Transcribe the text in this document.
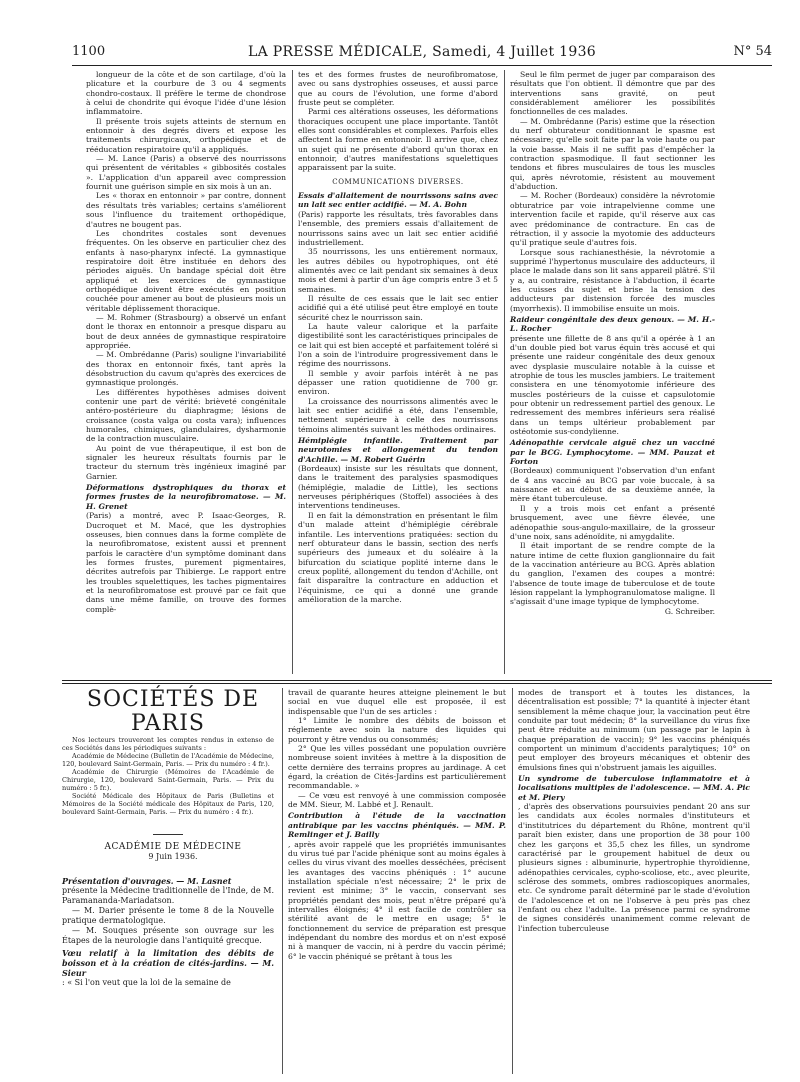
1100	LA PRESSE MÉDICALE, Samedi, 4 Juillet 1936	N° 54

longueur de la côte et de son cartilage, d'où la plicature et la courbure de 3 ou 4 segments chondro-costaux. Il préfère le terme de chondrose à celui de chondrite qui évoque l'idée d'une lésion inflammatoire.

Il présente trois sujets atteints de sternum en entonnoir à des degrés divers et expose les traitements chirurgicaux, orthopédique et de rééducation respiratoire qu'il a appliqués.

— M. Lance (Paris) a observé des nourrissons qui présentent de véritables « gibbosités costales ». L'application d'un appareil avec compression fournit une guérison simple en six mois à un an.

Les « thorax en entonnoir » par contre, donnent des résultats très variables; certains s'améliorent sous l'influence du traitement orthopédique, d'autres ne bougent pas.

Les chondrites costales sont devenues fréquentes. On les observe en particulier chez des enfants à naso-pharynx infecté. La gymnastique respiratoire doit être instituée en dehors des périodes aiguës. Un bandage spécial doit être appliqué et les exercices de gymnastique orthopédique doivent être exécutés en position couchée pour amener au bout de plusieurs mois un véritable déplissement thoracique.

— M. Rohmer (Strasbourg) a observé un enfant dont le thorax en entonnoir a presque disparu au bout de deux années de gymnastique respiratoire appropriée.

— M. Ombrédanne (Paris) souligne l'invariabilité des thorax en entonnoir fixés, tant après la désobstruction du cavum qu'après des exercices de gymnastique prolongés.

Les différentes hypothèses admises doivent contenir une part de vérité: brièveté congénitale antéro-postérieure du diaphragme; lésions de croissance (costa valga ou costa vara); influences humorales, chimiques, glandulaires, dysharmonie de la contraction musculaire.

Au point de vue thérapeutique, il est bon de signaler les heureux résultats fournis par le tracteur du sternum très ingénieux imaginé par Garnier.

Déformations dystrophiques du thorax et formes frustes de la neurofibromatose. — M. H. Grenet

(Paris) a montré, avec P. Isaac-Georges, R. Ducroquet et M. Macé, que les dystrophies osseuses, bien connues dans la forme complète de la neurofibromatose, existent aussi et prennent parfois le caractère d'un symptôme dominant dans les formes frustes, purement pigmentaires, décrites autrefois par Thibierge. Le rapport entre les troubles squelettiques, les taches pigmentaires et la neurofibromatose est prouvé par ce fait que dans une même famille, on trouve des formes complè-

tes et des formes frustes de neurofibromatose, avec ou sans dystrophies osseuses, et aussi parce que au cours de l'évolution, une forme d'abord fruste peut se compléter.

Parmi ces altérations osseuses, les déformations thoraciques occupent une place importante. Tantôt elles sont considérables et complexes. Parfois elles affectent la forme en entonnoir. Il arrive que, chez un sujet qui ne présente d'abord qu'un thorax en entonnoir, d'autres manifestations squelettiques apparaissent par la suite.

COMMUNICATIONS DIVERSES.

Essais d'allaitement de nourrissons sains avec un lait sec entier acidifié. — M. A. Bohn

(Paris) rapporte les résultats, très favorables dans l'ensemble, des premiers essais d'allaitement de nourrissons sains avec un lait sec entier acidifié industriellement.

35 nourrissons, les uns entièrement normaux, les autres débiles ou hypotrophiques, ont été alimentés avec ce lait pendant six semaines à deux mois et demi à partir d'un âge compris entre 3 et 5 semaines.

Il résulte de ces essais que le lait sec entier acidifié qui a été utilisé peut être employé en toute sécurité chez le nourrisson sain.

La haute valeur calorique et la parfaite digestibilité sont les caractéristiques principales de ce lait qui est bien accepté et parfaitement toléré si l'on a soin de l'introduire progressivement dans le régime des nourrissons.

Il semble y avoir parfois intérêt à ne pas dépasser une ration quotidienne de 700 gr. environ.

La croissance des nourrissons alimentés avec le lait sec entier acidifié a été, dans l'ensemble, nettement supérieure à celle des nourrissons témoins alimentés suivant les méthodes ordinaires.

Hémiplégie infantile. Traitement par neurotomies et allongement du tendon d'Achille. — M. Robert Guérin

(Bordeaux) insiste sur les résultats que donnent, dans le traitement des paralysies spasmodiques (hémiplégie, maladie de Little), les sections nerveuses périphériques (Stoffel) associées à des interventions tendineuses.

Il en fait la démonstration en présentant le film d'un malade atteint d'hémiplégie cérébrale infantile. Les interventions pratiquées: section du nerf obturateur dans le bassin, section des nerfs supérieurs des jumeaux et du soléaire à la bifurcation du sciatique poplité interne dans le creux poplité, allongement du tendon d'Achille, ont fait disparaître la contracture en adduction et l'équinisme, ce qui a donné une grande amélioration de la marche.

Seul le film permet de juger par comparaison des résultats que l'on obtient. Il démontre que par des interventions sans gravité, on peut considérablement améliorer les possibilités fonctionnelles de ces malades.

— M. Ombrédanne (Paris) estime que la résection du nerf obturateur conditionnant le spasme est nécessaire; qu'elle soit faite par la voie haute ou par la voie basse. Mais il ne suffit pas d'empêcher la contraction spasmodique. Il faut sectionner les tendons et fibres musculaires de tous les muscles qui, après névrotomie, résistent au mouvement d'abduction.

— M. Rocher (Bordeaux) considère la névrotomie obturatrice par voie intrapelvienne comme une intervention facile et rapide, qu'il réserve aux cas avec prédominance de contracture. En cas de rétraction, il y associe la myotomie des adducteurs qu'il pratique seule d'autres fois.

Lorsque sous rachianesthésie, la névrotomie a supprimé l'hypertonus musculaire des adducteurs, il place le malade dans son lit sans appareil plâtré. S'il y a, au contraire, résistance à l'abduction, il écarte les cuisses du sujet et brise la tension des adducteurs par distension forcée des muscles (myorrhexis). Il immobilise ensuite un mois.

Raideur congénitale des deux genoux. — M. H.-L. Rocher

présente une fillette de 8 ans qu'il a opérée à 1 an d'un double pied bot varus équin très accusé et qui présente une raideur congénitale des deux genoux avec dysplasie musculaire notable à la cuisse et atrophie de tous les muscles jambiers. Le traitement consistera en une ténomyotomie inférieure des muscles postérieurs de la cuisse et capsulotomie pour obtenir un redressement partiel des genoux. Le redressement des membres inférieurs sera réalisé dans un temps ultérieur probablement par ostéotomie sus-condylienne.

Adénopathie cervicale aiguë chez un vacciné par le BCG. Lymphocytome. — MM. Pauzat et Forton

(Bordeaux) communiquent l'observation d'un enfant de 4 ans vacciné au BCG par voie buccale, à sa naissance et au début de sa deuxième année, la mère étant tuberculeuse.

Il y a trois mois cet enfant a présenté brusquement, avec une fièvre élevée, une adénopathie sous-angulo-maxillaire, de la grosseur d'une noix, sans adénoïdite, ni amygdalite.

Il était important de se rendre compte de la nature intime de cette fluxion ganglionnaire du fait de la vaccination antérieure au BCG. Après ablation du ganglion, l'examen des coupes a montré: l'absence de toute image de tuberculose et de toute lésion rappelant la lymphogranulomatose maligne. Il s'agissait d'une image typique de lymphocytome.

G. Schreiber.

SOCIÉTÉS DE PARIS

Nos lecteurs trouveront les comptes rendus in extenso de ces Sociétés dans les périodiques suivants :

Académie de Médecine (Bulletin de l'Académie de Médecine, 120, boulevard Saint-Germain, Paris. — Prix du numéro : 4 fr.).

Académie de Chirurgie (Mémoires de l'Académie de Chirurgie, 120, boulevard Saint-Germain, Paris. — Prix du numéro : 5 fr.).

Société Médicale des Hôpitaux de Paris (Bulletins et Mémoires de la Société médicale des Hôpitaux de Paris, 120, boulevard Saint-Germain, Paris. — Prix du numéro : 4 fr.).

ACADÉMIE DE MÉDECINE

9 Juin 1936.

Présentation d'ouvrages. — M. Lasnet

présente la Médecine traditionnelle de l'Inde, de M. Paramananda-Mariadatson.

— M. Darier présente le tome 8 de la Nouvelle pratique dermatologique.

— M. Souques présente son ouvrage sur les Étapes de la neurologie dans l'antiquité grecque.

Vœu relatif à la limitation des débits de boisson et à la création de cités-jardins. — M. Sieur

: « Si l'on veut que la loi de la semaine de

travail de quarante heures atteigne pleinement le but social en vue duquel elle est proposée, il est indispensable que l'un de ses articles :

1° Limite le nombre des débits de boisson et réglemente avec soin la nature des liquides qui pourront y être vendus ou consommés;

2° Que les villes possédant une population ouvrière nombreuse soient invitées à mettre à la disposition de cette dernière des terrains propres au jardinage. A cet égard, la création de Cités-Jardins est particulièrement recommandable. »

— Ce vœu est renvoyé à une commission composée de MM. Sieur, M. Labbé et J. Renault.

Contribution à l'étude de la vaccination antirabique par les vaccins phéniqués. — MM. P. Remlinger et J. Bailly

, après avoir rappelé que les propriétés immunisantes du virus tué par l'acide phénique sont au moins égales à celles du virus vivant des moelles desséchées, précisent les avantages des vaccins phéniqués : 1° aucune installation spéciale n'est nécessaire; 2° le prix de revient est minime; 3° le vaccin, conservant ses propriétés pendant des mois, peut n'être préparé qu'à intervalles éloignés; 4° il est facile de contrôler sa stérilité avant de le mettre en usage; 5° le fonctionnement du service de préparation est presque indépendant du nombre des mordus et on n'est exposé ni à manquer de vaccin, ni à perdre du vaccin périmé; 6° le vaccin phéniqué se prêtant à tous les

modes de transport et à toutes les distances, la décentralisation est possible; 7° la quantité à injecter étant sensiblement la même chaque jour, la vaccination peut être conduite par tout médecin; 8° la surveillance du virus fixe peut être réduite au minimum (un passage par le lapin à chaque préparation de vaccin); 9° les vaccins phéniqués comportent un minimum d'accidents paralytiques; 10° on peut employer des broyeurs mécaniques et obtenir des émulsions fines qui n'obstruent jamais les aiguilles.

Un syndrome de tuberculose inflammatoire et à localisations multiples de l'adolescence. — MM. A. Pic et M. Piery

, d'après des observations poursuivies pendant 20 ans sur les candidats aux écoles normales d'instituteurs et d'institutrices du département du Rhône, montrent qu'il paraît bien exister, dans une proportion de 38 pour 100 chez les garçons et 35,5 chez les filles, un syndrome caractérisé par le groupement habituel de deux ou plusieurs signes : albuminurie, hypertrophie thyroïdienne, adénopathies cervicales, cypho-scoliose, etc., avec pleurite, sclérose des sommets, ombres radioscopiques anormales, etc. Ce syndrome paraît déterminé par le stade d'évolution de l'adolescence et on ne l'observe à peu près pas chez l'enfant ou chez l'adulte. La présence parmi ce syndrome de signes considérés unanimement comme relevant de l'infection tuberculeuse
